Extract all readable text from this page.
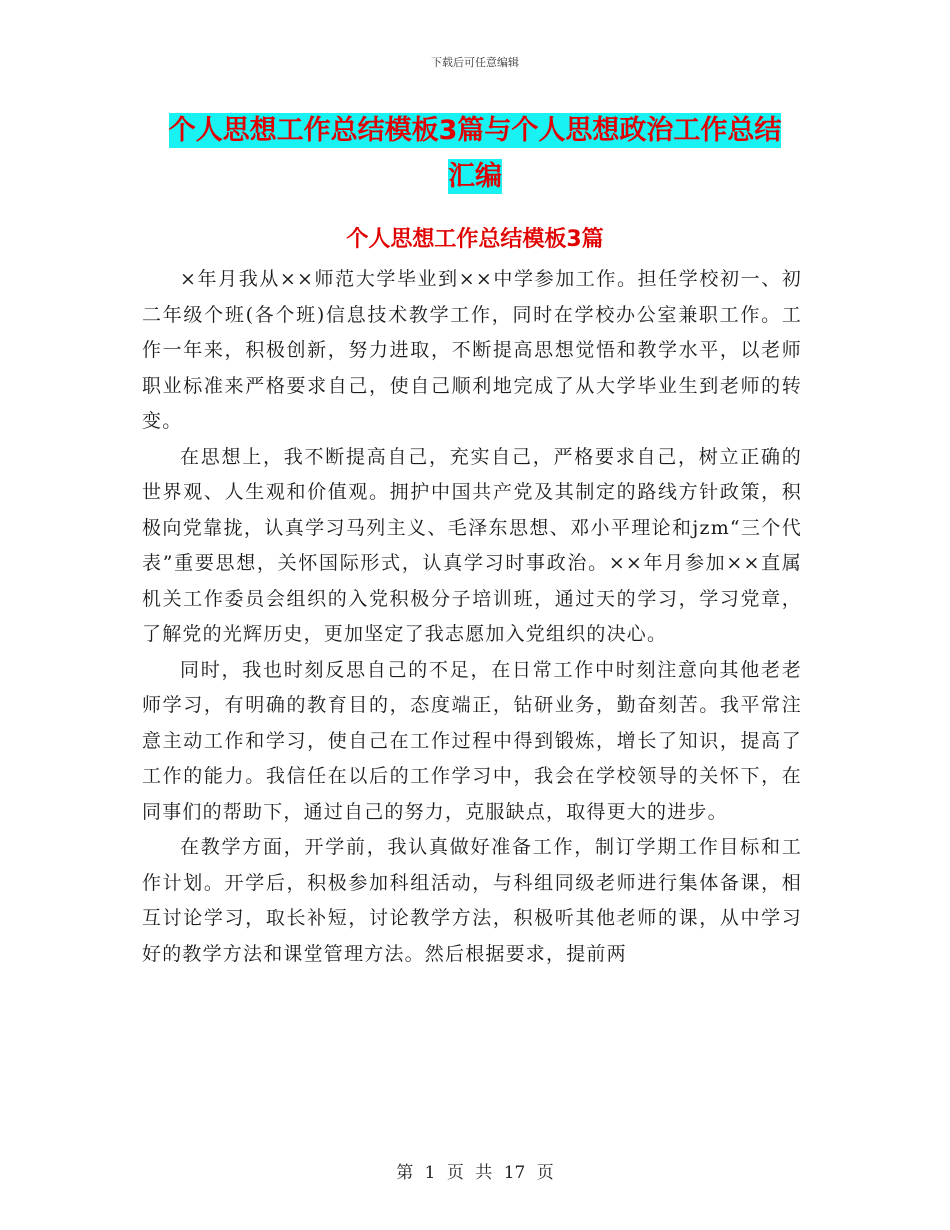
下载后可任意编辑
个人思想工作总结模板3篇与个人思想政治工作总结
汇编
个人思想工作总结模板3篇

×年月我从××师范大学毕业到××中学参加工作。担任学校初一、初二年级个班(各个班)信息技术教学工作，同时在学校办公室兼职工作。工作一年来，积极创新，努力进取，不断提高思想觉悟和教学水平，以老师职业标准来严格要求自己，使自己顺利地完成了从大学毕业生到老师的转变。

在思想上，我不断提高自己，充实自己，严格要求自己，树立正确的世界观、人生观和价值观。拥护中国共产党及其制定的路线方针政策，积极向党靠拢，认真学习马列主义、毛泽东思想、邓小平理论和jzm“三个代表”重要思想，关怀国际形式，认真学习时事政治。××年月参加××直属机关工作委员会组织的入党积极分子培训班，通过天的学习，学习党章，了解党的光辉历史，更加坚定了我志愿加入党组织的决心。

同时，我也时刻反思自己的不足，在日常工作中时刻注意向其他老老师学习，有明确的教育目的，态度端正，钻研业务，勤奋刻苦。我平常注意主动工作和学习，使自己在工作过程中得到锻炼，增长了知识，提高了工作的能力。我信任在以后的工作学习中，我会在学校领导的关怀下，在同事们的帮助下，通过自己的努力，克服缺点，取得更大的进步。

在教学方面，开学前，我认真做好准备工作，制订学期工作目标和工作计划。开学后，积极参加科组活动，与科组同级老师进行集体备课，相互讨论学习，取长补短，讨论教学方法，积极听其他老师的课，从中学习好的教学方法和课堂管理方法。然后根据要求，提前两

第 1 页 共 17 页
